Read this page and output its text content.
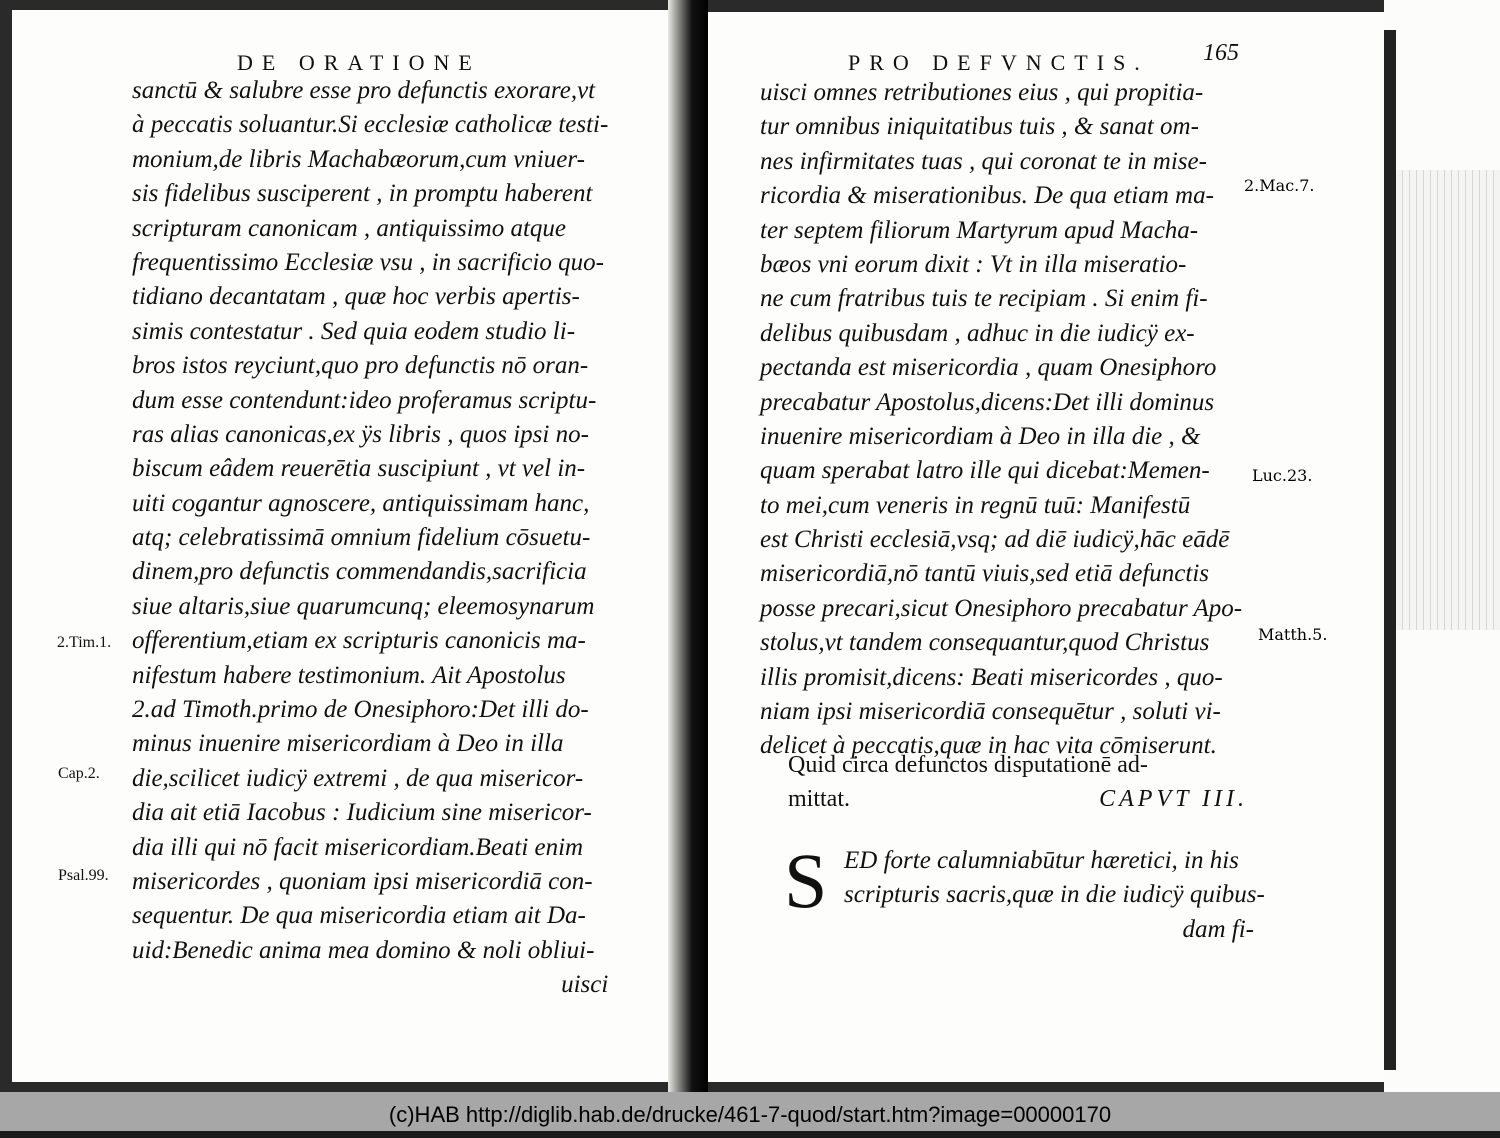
DE ORATIONE
sanctū & salubre esse pro defunctis exorare,vt
à peccatis soluantur.Si ecclesiæ catholicæ testi-
monium,de libris Machabæorum,cum vniuer-
sis fidelibus susciperent , in promptu haberent
scripturam canonicam , antiquissimo atque
frequentissimo Ecclesiæ vsu , in sacrificio quo-
tidiano decantatam , quæ hoc verbis apertis-
simis contestatur . Sed quia eodem studio li-
bros istos reyciunt,quo pro defunctis nō oran-
dum esse contendunt:ideo proferamus scriptu-
ras alias canonicas,ex ÿs libris , quos ipsi no-
biscum eâdem reuerētia suscipiunt , vt vel in-
uiti cogantur agnoscere, antiquissimam hanc,
atq; celebratissimā omnium fidelium cōsuetu-
dinem,pro defunctis commendandis,sacrificia
siue altaris,siue quarumcunq; eleemosynarum
offerentium,etiam ex scripturis canonicis ma-
nifestum habere testimonium. Ait Apostolus
2.ad Timoth.primo de Onesiphoro:Det illi do-
minus inuenire misericordiam à Deo in illa
die,scilicet iudicÿ extremi , de qua misericor-
dia ait etiā Iacobus : Iudicium sine misericor-
dia illi qui nō facit misericordiam.Beati enim
misericordes , quoniam ipsi misericordiā con-
sequentur. De qua misericordia etiam ait Da-
uid:Benedic anima mea domino & noli obliui-
uisci
2.Tim.1.
Cap.2.
Psal.99.
PRO DEFVNCTIS. 165
uisci omnes retributiones eius , qui propitia-
tur omnibus iniquitatibus tuis , & sanat om-
nes infirmitates tuas , qui coronat te in mise-
ricordia & miserationibus. De qua etiam ma-
ter septem filiorum Martyrum apud Macha-
bæos vni eorum dixit : Vt in illa miseratio-
ne cum fratribus tuis te recipiam . Si enim fi-
delibus quibusdam , adhuc in die iudicÿ ex-
pectanda est misericordia , quam Onesiphoro
precabatur Apostolus,dicens:Det illi dominus
inuenire misericordiam à Deo in illa die , &
quam sperabat latro ille qui dicebat:Memen-
to mei,cum veneris in regnū tuū: Manifestū
est Christi ecclesiā,vsq; ad diē iudicÿ,hāc eādē
misericordiā,nō tantū viuis,sed etiā defunctis
posse precari,sicut Onesiphoro precabatur Apo-
stolus,vt tandem consequantur,quod Christus
illis promisit,dicens: Beati misericordes , quo-
niam ipsi misericordiā consequētur , soluti vi-
delicet à peccatis,quæ in hac vita cōmiserunt.
Quid circa defunctos disputationē ad-
mittat.	CAPVT III.
S ED forte calumniabūtur hæretici, in his
scripturis sacris,quæ in die iudicÿ quibus-
dam fi-
2.Mac.7.
Luc.23.
Matth.5.
(c)HAB http://diglib.hab.de/drucke/461-7-quod/start.htm?image=00000170
